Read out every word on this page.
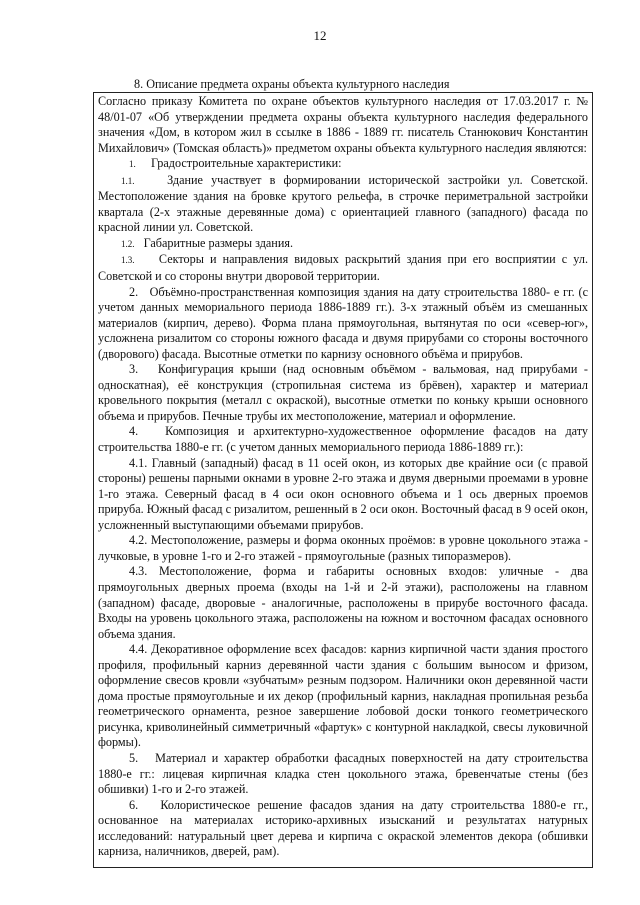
12
8. Описание предмета охраны объекта культурного наследия

Согласно приказу Комитета по охране объектов культурного наследия от 17.03.2017 г. № 48/01-07 «Об утверждении предмета охраны объекта культурного наследия федерального значения «Дом, в котором жил в ссылке в 1886 - 1889 гг. писатель Станюкович Константин Михайлович» (Томская область)» предметом охраны объекта культурного наследия являются:

1. Градостроительные характеристики:

1.1.	Здание участвует в формировании исторической застройки ул. Советской. Местоположение здания на бровке крутого рельефа, в строчке периметральной застройки квартала (2-х этажные деревянные дома) с ориентацией главного (западного) фасада по красной линии ул. Советской.

1.2. Габаритные размеры здания.

1.3. Секторы и направления видовых раскрытий здания при его восприятии с ул. Советской и со стороны внутри дворовой территории.

2. Объёмно-пространственная композиция здания на дату строительства 1880- е гг. (с учетом данных мемориального периода 1886-1889 гг.). 3-х этажный объём из смешанных материалов (кирпич, дерево). Форма плана прямоугольная, вытянутая по оси «север-юг», усложнена ризалитом со стороны южного фасада и двумя прирубами со стороны восточного (дворового) фасада. Высотные отметки по карнизу основного объёма и прирубов.

3. Конфигурация крыши (над основным объёмом - вальмовая, над прирубами - односкатная), её конструкция (стропильная система из брёвен), характер и материал кровельного покрытия (металл с окраской), высотные отметки по коньку крыши основного объема и прирубов. Печные трубы их местоположение, материал и оформление.

4. Композиция и архитектурно-художественное оформление фасадов на дату строительства 1880-е гг. (с учетом данных мемориального периода 1886-1889 гг.):

4.1. Главный (западный) фасад в 11 осей окон, из которых две крайние оси (с правой стороны) решены парными окнами в уровне 2-го этажа и двумя дверными проемами в уровне 1-го этажа. Северный фасад в 4 оси окон основного объема и 1 ось дверных проемов прируба. Южный фасад с ризалитом, решенный в 2 оси окон. Восточный фасад в 9 осей окон, усложненный выступающими объемами прирубов.

4.2. Местоположение, размеры и форма оконных проёмов: в уровне цокольного этажа - лучковые, в уровне 1-го и 2-го этажей - прямоугольные (разных типоразмеров).

4.3. Местоположение, форма и габариты основных входов: уличные - два прямоугольных дверных проема (входы на 1-й и 2-й этажи), расположены на главном (западном) фасаде, дворовые - аналогичные, расположены в прирубе восточного фасада. Входы на уровень цокольного этажа, расположены на южном и восточном фасадах основного объема здания.

4.4. Декоративное оформление всех фасадов: карниз кирпичной части здания простого профиля, профильный карниз деревянной части здания с большим выносом и фризом, оформление свесов кровли «зубчатым» резным подзором. Наличники окон деревянной части дома простые прямоугольные и их декор (профильный карниз, накладная пропильная резьба геометрического орнамента, резное завершение лобовой доски тонкого геометрического рисунка, криволинейный симметричный «фартук» с контурной накладкой, свесы луковичной формы).

5. Материал и характер обработки фасадных поверхностей на дату строительства 1880-е гг.: лицевая кирпичная кладка стен цокольного этажа, бревенчатые стены (без обшивки) 1-го и 2-го этажей.

6. Колористическое решение фасадов здания на дату строительства 1880-е гг., основанное на материалах историко-архивных изысканий и результатах натурных исследований: натуральный цвет дерева и кирпича с окраской элементов декора (обшивки карниза, наличников, дверей, рам).
